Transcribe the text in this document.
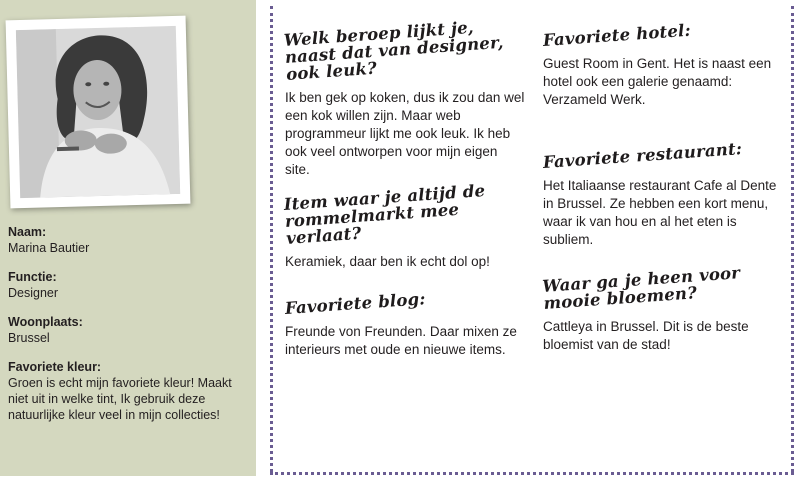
Naam:
Marina Bautier
Functie:
Designer
Woonplaats:
Brussel
Favoriete kleur:
Groen is echt mijn favoriete kleur! Maakt niet uit in welke tint, Ik gebruik deze natuurlijke kleur veel in mijn collecties!
Welk beroep lijkt je, naast dat van designer, ook leuk?

Ik ben gek op koken, dus ik zou dan wel een kok willen zijn. Maar web programmeur lijkt me ook leuk. Ik heb ook veel ontworpen voor mijn eigen site.

Item waar je altijd de rommelmarkt mee verlaat?

Keramiek, daar ben ik echt dol op!

Favoriete blog:

Freunde von Freunden. Daar mixen ze interieurs met oude en nieuwe items.

Favoriete hotel:

Guest Room in Gent. Het is naast een hotel ook een galerie genaamd: Verzameld Werk.

Favoriete restaurant:

Het Italiaanse restaurant Cafe al Dente in Brussel. Ze hebben een kort menu, waar ik van hou en al het eten is subliem.

Waar ga je heen voor mooie bloemen?

Cattleya in Brussel. Dit is de beste bloemist van de stad!
